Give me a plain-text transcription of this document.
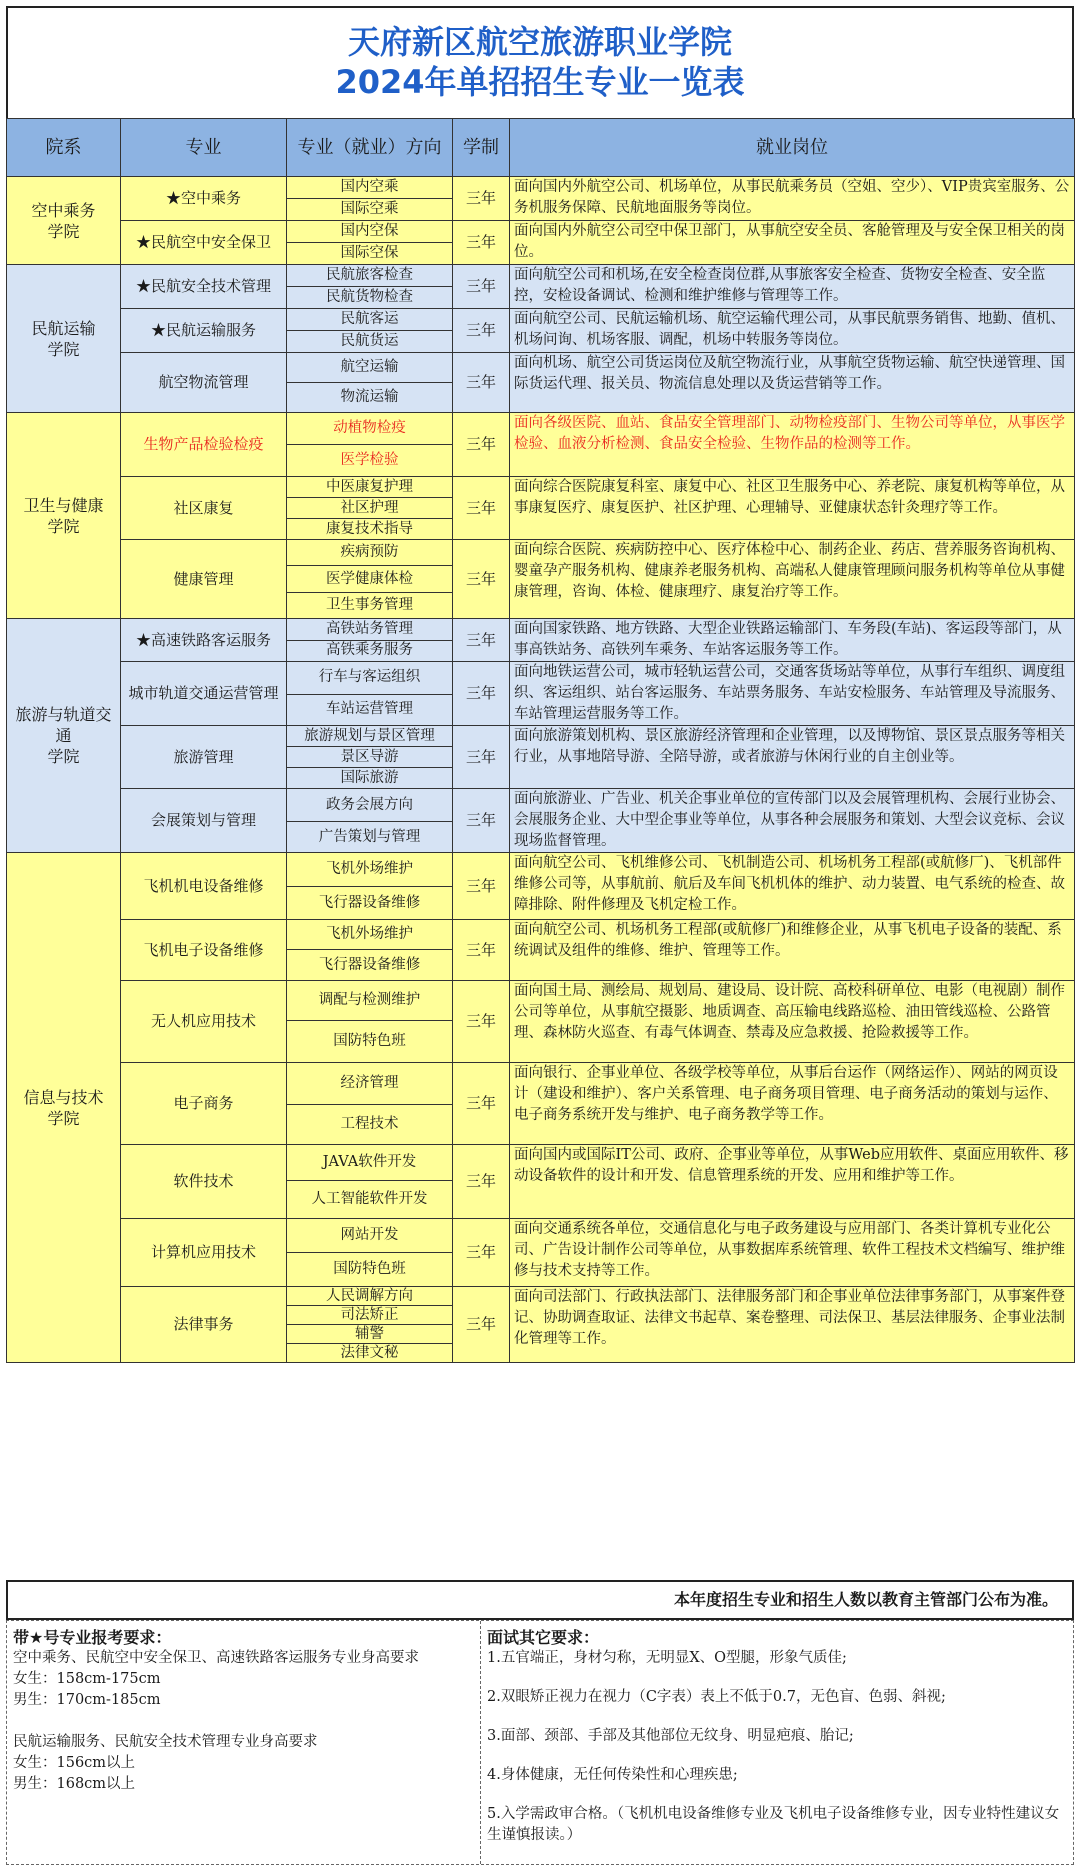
天府新区航空旅游职业学院
2024年单招招生专业一览表
院系	专业	专业（就业）方向	学制	就业岗位
空中乘务
学院	★空中乘务	国内空乘	三年	面向国内外航空公司、机场单位，从事民航乘务员（空姐、空少）、VIP贵宾室服务、公务机服务保障、民航地面服务等岗位。
		国际空乘		
	★民航空中安全保卫	国内空保	三年	面向国内外航空公司空中保卫部门，从事航空安全员、客舱管理及与安全保卫相关的岗位。
		国际空保		
民航运输
学院	★民航安全技术管理	民航旅客检查	三年	面向航空公司和机场,在安全检查岗位群,从事旅客安全检查、货物安全检查、安全监控，安检设备调试、检测和维护维修与管理等工作。
		民航货物检查		
	★民航运输服务	民航客运	三年	面向航空公司、民航运输机场、航空运输代理公司，从事民航票务销售、地勤、值机、机场问询、机场客服、调配，机场中转服务等岗位。
		民航货运		
	航空物流管理	航空运输	三年	面向机场、航空公司货运岗位及航空物流行业，从事航空货物运输、航空快递管理、国际货运代理、报关员、物流信息处理以及货运营销等工作。
		物流运输		
卫生与健康
学院	生物产品检验检疫	动植物检疫	三年	面向各级医院、血站、食品安全管理部门、动物检疫部门、生物公司等单位，从事医学检验、血液分析检测、食品安全检验、生物作品的检测等工作。
		医学检验		
	社区康复	中医康复护理	三年	面向综合医院康复科室、康复中心、社区卫生服务中心、养老院、康复机构等单位，从事康复医疗、康复医护、社区护理、心理辅导、亚健康状态针灸理疗等工作。
		社区护理		
		康复技术指导		
	健康管理	疾病预防	三年	面向综合医院、疾病防控中心、医疗体检中心、制药企业、药店、营养服务咨询机构、婴童孕产服务机构、健康养老服务机构、高端私人健康管理顾问服务机构等单位从事健康管理，咨询、体检、健康理疗、康复治疗等工作。
		医学健康体检		
		卫生事务管理		
旅游与轨道交通
学院	★高速铁路客运服务	高铁站务管理	三年	面向国家铁路、地方铁路、大型企业铁路运输部门、车务段(车站)、客运段等部门，从事高铁站务、高铁列车乘务、车站客运服务等工作。
		高铁乘务服务		
	城市轨道交通运营管理	行车与客运组织	三年	面向地铁运营公司，城市轻轨运营公司，交通客货场站等单位，从事行车组织、调度组织、客运组织、站台客运服务、车站票务服务、车站安检服务、车站管理及导流服务、车站管理运营服务等工作。
		车站运营管理		
	旅游管理	旅游规划与景区管理	三年	面向旅游策划机构、景区旅游经济管理和企业管理，以及博物馆、景区景点服务等相关行业，从事地陪导游、全陪导游，或者旅游与休闲行业的自主创业等。
		景区导游		
		国际旅游		
	会展策划与管理	政务会展方向	三年	面向旅游业、广告业、机关企事业单位的宣传部门以及会展管理机构、会展行业协会、会展服务企业、大中型企事业等单位，从事各种会展服务和策划、大型会议竞标、会议现场监督管理。
		广告策划与管理		
信息与技术
学院	飞机机电设备维修	飞机外场维护	三年	面向航空公司、飞机维修公司、飞机制造公司、机场机务工程部(或航修厂)、飞机部件维修公司等，从事航前、航后及车间飞机机体的维护、动力装置、电气系统的检查、故障排除、附件修理及飞机定检工作。
		飞行器设备维修		
	飞机电子设备维修	飞机外场维护	三年	面向航空公司、机场机务工程部(或航修厂)和维修企业，从事飞机电子设备的装配、系统调试及组件的维修、维护、管理等工作。
		飞行器设备维修		
	无人机应用技术	调配与检测维护	三年	面向国土局、测绘局、规划局、建设局、设计院、高校科研单位、电影（电视剧）制作公司等单位，从事航空摄影、地质调查、高压输电线路巡检、油田管线巡检、公路管理、森林防火巡查、有毒气体调查、禁毒及应急救援、抢险救援等工作。
		国防特色班		
	电子商务	经济管理	三年	面向银行、企事业单位、各级学校等单位，从事后台运作（网络运作）、网站的网页设计（建设和维护）、客户关系管理、电子商务项目管理、电子商务活动的策划与运作、电子商务系统开发与维护、电子商务教学等工作。
		工程技术		
	软件技术	JAVA软件开发	三年	面向国内或国际IT公司、政府、企事业等单位，从事Web应用软件、桌面应用软件、移动设备软件的设计和开发、信息管理系统的开发、应用和维护等工作。
		人工智能软件开发		
	计算机应用技术	网站开发	三年	面向交通系统各单位，交通信息化与电子政务建设与应用部门、各类计算机专业化公司、广告设计制作公司等单位，从事数据库系统管理、软件工程技术文档编写、维护维修与技术支持等工作。
		国防特色班		
	法律事务	人民调解方向	三年	面向司法部门、行政执法部门、法律服务部门和企事业单位法律事务部门，从事案件登记、协助调查取证、法律文书起草、案卷整理、司法保卫、基层法律服务、企事业法制化管理等工作。
		司法矫正		
		辅警		
		法律文秘		
本年度招生专业和招生人数以教育主管部门公布为准。
带★号专业报考要求：

空中乘务、民航空中安全保卫、高速铁路客运服务专业身高要求

女生：158cm-175cm

男生：170cm-185cm

民航运输服务、民航安全技术管理专业身高要求

女生：156cm以上

男生：168cm以上

面试其它要求：

1.五官端正，身材匀称，无明显X、O型腿，形象气质佳;

2.双眼矫正视力在视力（C字表）表上不低于0.7，无色盲、色弱、斜视;

3.面部、颈部、手部及其他部位无纹身、明显疤痕、胎记;

4.身体健康，无任何传染性和心理疾患;

5.入学需政审合格。（飞机机电设备维修专业及飞机电子设备维修专业，因专业特性建议女生谨慎报读。）
